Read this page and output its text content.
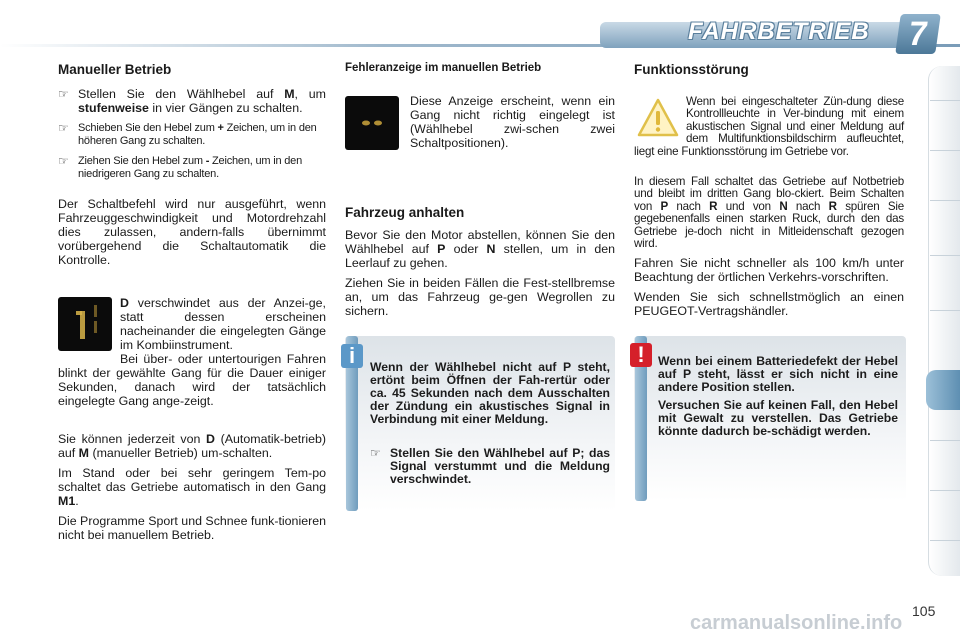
FAHRBETRIEB	7
Manueller Betrieb
☞ Stellen Sie den Wählhebel auf M, um stufenweise in vier Gängen zu schalten.
☞ Schieben Sie den Hebel zum + Zeichen, um in den höheren Gang zu schalten.
☞ Ziehen Sie den Hebel zum - Zeichen, um in den niedrigeren Gang zu schalten.

Der Schaltbefehl wird nur ausgeführt, wenn Fahrzeuggeschwindigkeit und Motordrehzahl dies zulassen, andern-falls übernimmt vorübergehend die Schaltautomatik die Kontrolle.

D verschwindet aus der Anzei-ge, statt dessen erscheinen nacheinander die eingelegten Gänge im Kombiinstrument.
Bei über- oder untertourigen Fahren blinkt der gewählte Gang für die Dauer einiger Sekunden, danach wird der tatsächlich eingelegte Gang ange-zeigt.

Sie können jederzeit von D (Automatik-betrieb) auf M (manueller Betrieb) um-schalten.

Im Stand oder bei sehr geringem Tem-po schaltet das Getriebe automatisch in den Gang M1.

Die Programme Sport und Schnee funk-tionieren nicht bei manuellem Betrieb.

Fehleranzeige im manuellen Betrieb
Diese Anzeige erscheint, wenn ein Gang nicht richtig eingelegt ist (Wählhebel zwi-schen zwei Schaltpositionen).
Fahrzeug anhalten

Bevor Sie den Motor abstellen, können Sie den Wählhebel auf P oder N stellen, um in den Leerlauf zu gehen.

Ziehen Sie in beiden Fällen die Fest-stellbremse an, um das Fahrzeug ge-gen Wegrollen zu sichern.

i	Wenn der Wählhebel nicht auf P steht, ertönt beim Öffnen der Fah-rertür oder ca. 45 Sekunden nach dem Ausschalten der Zündung ein akustisches Signal in Verbindung mit einer Meldung.
☞ Stellen Sie den Wählhebel auf P; das Signal verstummt und die Meldung verschwindet.
Funktionsstörung
Wenn bei eingeschalteter Zün-dung diese Kontrollleuchte in Ver-bindung mit einem akustischen Signal und einer Meldung auf dem Multifunktionsbildschirm aufleuchtet, liegt eine Funktionsstörung im Getriebe vor.

In diesem Fall schaltet das Getriebe auf Notbetrieb und bleibt im dritten Gang blo-ckiert. Beim Schalten von P nach R und von N nach R spüren Sie gegebenenfalls einen starken Ruck, durch den das Getriebe je-doch nicht in Mitleidenschaft gezogen wird.

Fahren Sie nicht schneller als 100 km/h unter Beachtung der örtlichen Verkehrs-vorschriften.

Wenden Sie sich schnellstmöglich an einen PEUGEOT-Vertragshändler.

!	Wenn bei einem Batteriedefekt der Hebel auf P steht, lässt er sich nicht in eine andere Position stellen.
Versuchen Sie auf keinen Fall, den Hebel mit Gewalt zu verstellen. Das Getriebe könnte dadurch be-schädigt werden.
carmanualsonline.info
105
